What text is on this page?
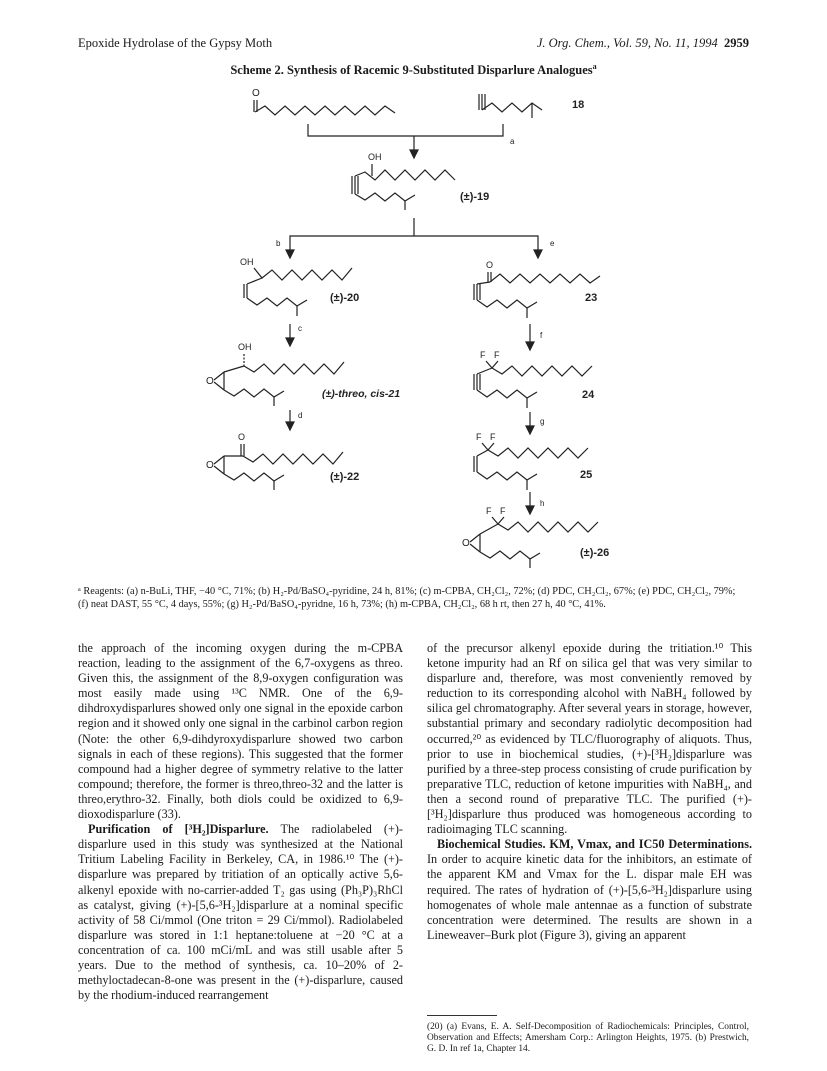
Epoxide Hydrolase of the Gypsy Moth	J. Org. Chem., Vol. 59, No. 11, 1994 2959
Scheme 2. Synthesis of Racemic 9-Substituted Disparlure Analogues$^a$
O
18
a
OH
(±)-19
b	e
OH
(±)-20
O
23
c
f
OH
O
(±)-threo, cis-21
F F
24
d
g
O
O
(±)-22
F F
25
h
F F
O
(±)-26
ᵃ Reagents: (a) n-BuLi, THF, −40 °C, 71%; (b) H₂-Pd/BaSO₄-pyridine, 24 h, 81%; (c) m-CPBA, CH₂Cl₂, 72%; (d) PDC, CH₂Cl₂, 67%; (e) PDC, CH₂Cl₂, 79%; (f) neat DAST, 55 °C, 4 days, 55%; (g) H₂-Pd/BaSO₄-pyridne, 16 h, 73%; (h) m-CPBA, CH₂Cl₂, 68 h rt, then 27 h, 40 °C, 41%.

the approach of the incoming oxygen during the m-CPBA reaction, leading to the assignment of the 6,7-oxygens as threo. Given this, the assignment of the 8,9-oxygen configuration was most easily made using ¹³C NMR. One of the 6,9-dihdroxydisparlures showed only one signal in the epoxide carbon region and it showed only one signal in the carbinol carbon region (Note: the other 6,9-dihdyroxydisparlure showed two carbon signals in each of these regions). This suggested that the former compound had a higher degree of symmetry relative to the latter compound; therefore, the former is threo,threo-32 and the latter is threo,erythro-32. Finally, both diols could be oxidized to 6,9-dioxodisparlure (33).

Purification of [³H₂]Disparlure. The radiolabeled (+)-disparlure used in this study was synthesized at the National Tritium Labeling Facility in Berkeley, CA, in 1986.¹⁰ The (+)-disparlure was prepared by tritiation of an optically active 5,6-alkenyl epoxide with no-carrier-added T₂ gas using (Ph₃P)₃RhCl as catalyst, giving (+)-[5,6-³H₂]disparlure at a nominal specific activity of 58 Ci/mmol (One triton = 29 Ci/mmol). Radiolabeled disparlure was stored in 1:1 heptane:toluene at −20 °C at a concentration of ca. 100 mCi/mL and was still usable after 5 years. Due to the method of synthesis, ca. 10–20% of 2-methyloctadecan-8-one was present in the (+)-disparlure, caused by the rhodium-induced rearrangement

of the precursor alkenyl epoxide during the tritiation.¹⁰ This ketone impurity had an Rf on silica gel that was very similar to disparlure and, therefore, was most conveniently removed by reduction to its corresponding alcohol with NaBH₄ followed by silica gel chromatography. After several years in storage, however, substantial primary and secondary radiolytic decomposition had occurred,²⁰ as evidenced by TLC/fluorography of aliquots. Thus, prior to use in biochemical studies, (+)-[³H₂]disparlure was purified by a three-step process consisting of crude purification by preparative TLC, reduction of ketone impurities with NaBH₄, and then a second round of preparative TLC. The purified (+)-[³H₂]disparlure thus produced was homogeneous according to radioimaging TLC scanning.

Biochemical Studies. KM, Vmax, and IC50 Determinations. In order to acquire kinetic data for the inhibitors, an estimate of the apparent KM and Vmax for the L. dispar male EH was required. The rates of hydration of (+)-[5,6-³H₂]disparlure using homogenates of whole male antennae as a function of substrate concentration were determined. The results are shown in a Lineweaver–Burk plot (Figure 3), giving an apparent

(20) (a) Evans, E. A. Self-Decomposition of Radiochemicals: Principles, Control, Observation and Effects; Amersham Corp.: Arlington Heights, 1975. (b) Prestwich, G. D. In ref 1a, Chapter 14.
